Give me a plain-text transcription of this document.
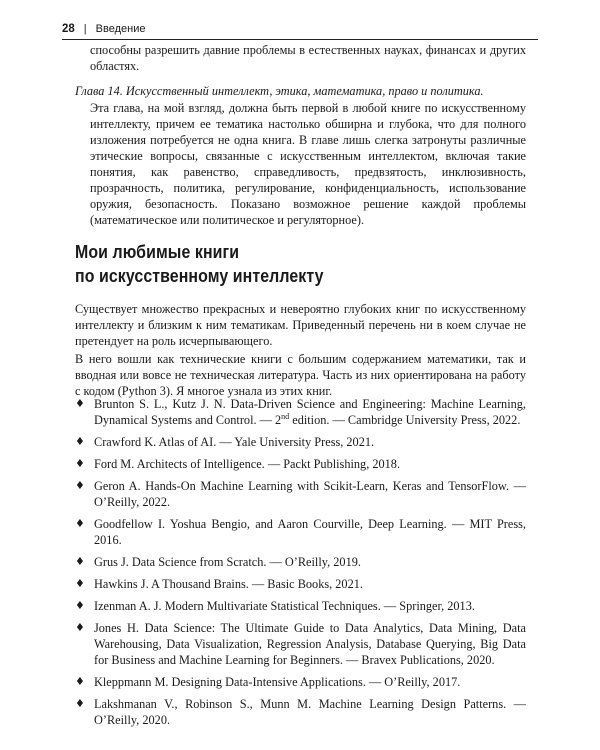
28 | Введение
способны разрешить давние проблемы в естественных науках, финансах и других областях.
Глава 14. Искусственный интеллект, этика, математика, право и политика.
Эта глава, на мой взгляд, должна быть первой в любой книге по искусственному интеллекту, причем ее тематика настолько обширна и глубока, что для полного изложения потребуется не одна книга. В главе лишь слегка затронуты различные этические вопросы, связанные с искусственным интеллектом, включая такие понятия, как равенство, справедливость, предвзятость, инклюзивность, прозрачность, политика, регулирование, конфиденциальность, использование оружия, безопасность. Показано возможное решение каждой проблемы (математическое или политическое и регуляторное).
Мои любимые книги
по искусственному интеллекту
Существует множество прекрасных и невероятно глубоких книг по искусственному интеллекту и близким к ним тематикам. Приведенный перечень ни в коем случае не претендует на роль исчерпывающего.
В него вошли как технические книги с большим содержанием математики, так и вводная или вовсе не техническая литература. Часть из них ориентирована на работу с кодом (Python 3). Я многое узнала из этих книг.
♦ Brunton S. L., Kutz J. N. Data-Driven Science and Engineering: Machine Learning, Dynamical Systems and Control. — 2nd edition. — Cambridge University Press, 2022.
♦ Crawford K. Atlas of AI. — Yale University Press, 2021.
♦ Ford M. Architects of Intelligence. — Packt Publishing, 2018.
♦ Geron A. Hands-On Machine Learning with Scikit-Learn, Keras and TensorFlow. — O’Reilly, 2022.
♦ Goodfellow I. Yoshua Bengio, and Aaron Courville, Deep Learning. — MIT Press, 2016.
♦ Grus J. Data Science from Scratch. — O’Reilly, 2019.
♦ Hawkins J. A Thousand Brains. — Basic Books, 2021.
♦ Izenman A. J. Modern Multivariate Statistical Techniques. — Springer, 2013.
♦ Jones H. Data Science: The Ultimate Guide to Data Analytics, Data Mining, Data Warehousing, Data Visualization, Regression Analysis, Database Querying, Big Data for Business and Machine Learning for Beginners. — Bravex Publications, 2020.
♦ Kleppmann M. Designing Data-Intensive Applications. — O’Reilly, 2017.
♦ Lakshmanan V., Robinson S., Munn M. Machine Learning Design Patterns. — O’Reilly, 2020.
